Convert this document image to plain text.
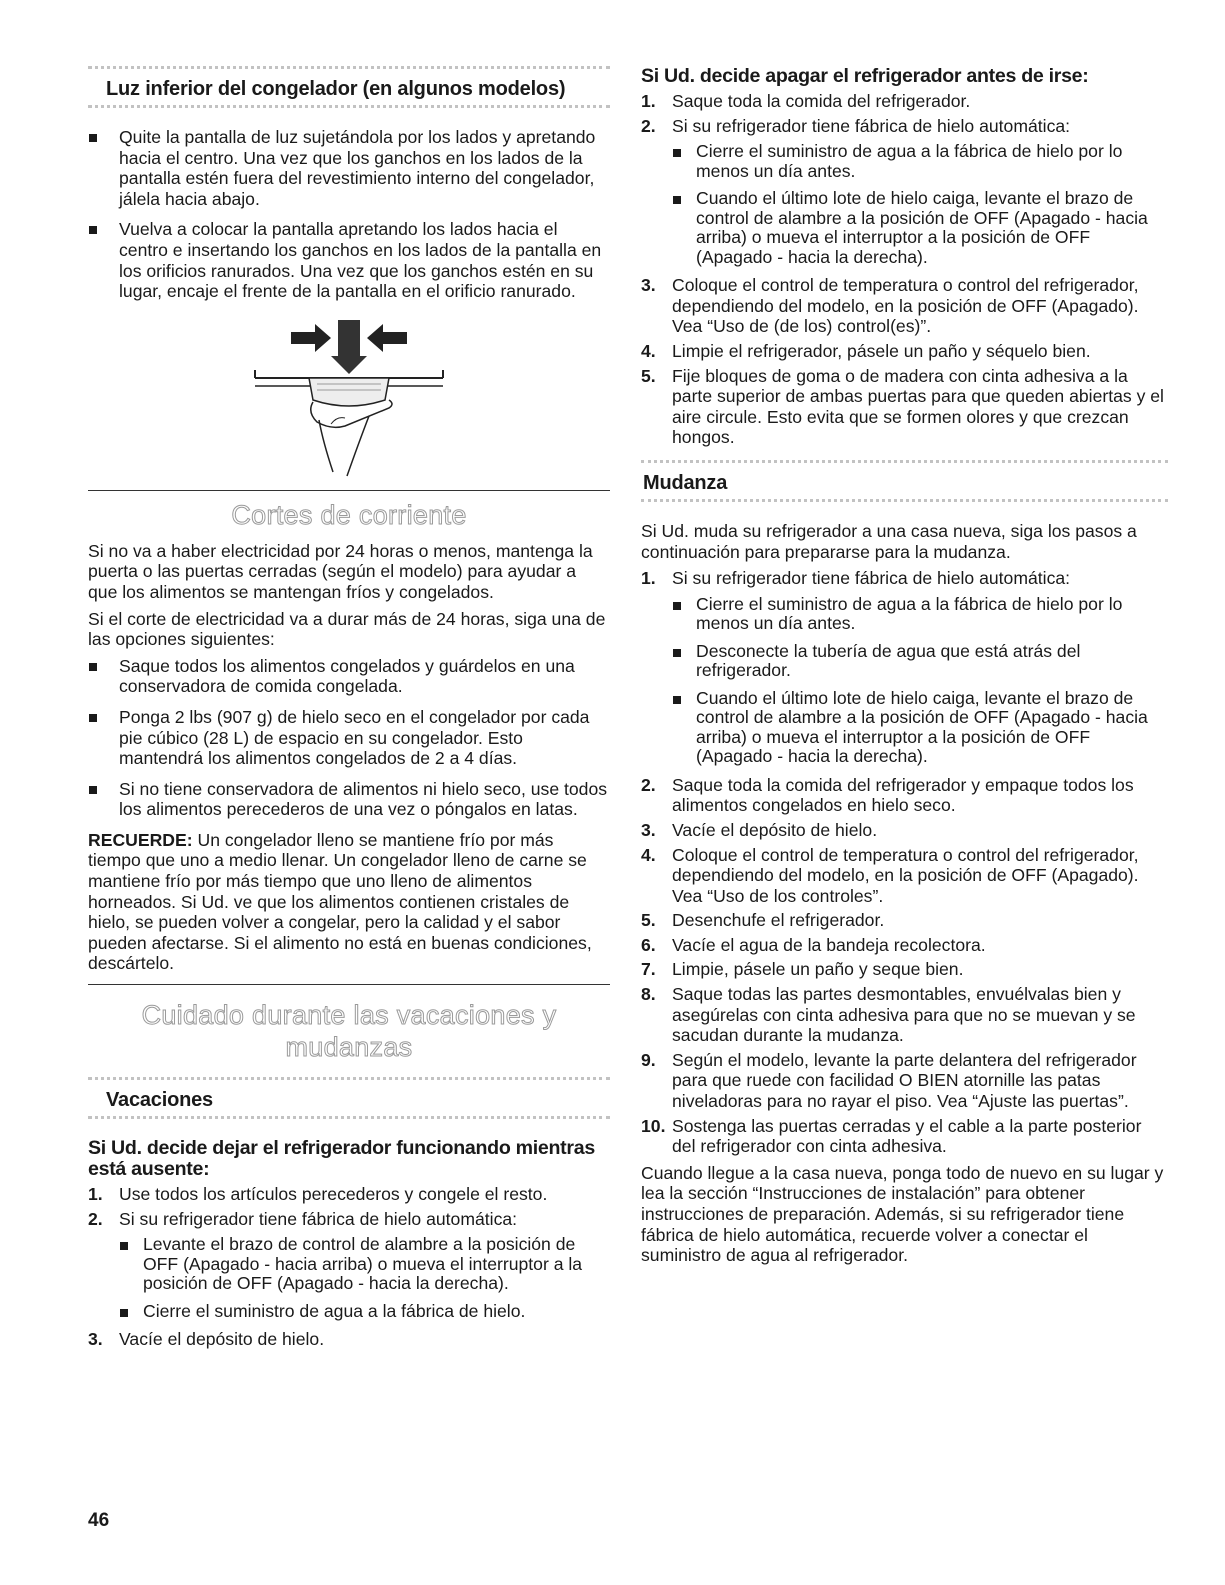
Luz inferior del congelador (en algunos modelos)
Quite la pantalla de luz sujetándola por los lados y apretando hacia el centro. Una vez que los ganchos en los lados de la pantalla estén fuera del revestimiento interno del congelador, jálela hacia abajo.
Vuelva a colocar la pantalla apretando los lados hacia el centro e insertando los ganchos en los lados de la pantalla en los orificios ranurados. Una vez que los ganchos estén en su lugar, encaje el frente de la pantalla en el orificio ranurado.
Cortes de corriente

Si no va a haber electricidad por 24 horas o menos, mantenga la puerta o las puertas cerradas (según el modelo) para ayudar a que los alimentos se mantengan fríos y congelados.

Si el corte de electricidad va a durar más de 24 horas, siga una de las opciones siguientes:

Saque todos los alimentos congelados y guárdelos en una conservadora de comida congelada.
Ponga 2 lbs (907 g) de hielo seco en el congelador por cada pie cúbico (28 L) de espacio en su congelador. Esto mantendrá los alimentos congelados de 2 a 4 días.
Si no tiene conservadora de alimentos ni hielo seco, use todos los alimentos perecederos de una vez o póngalos en latas.

RECUERDE: Un congelador lleno se mantiene frío por más tiempo que uno a medio llenar. Un congelador lleno de carne se mantiene frío por más tiempo que uno lleno de alimentos horneados. Si Ud. ve que los alimentos contienen cristales de hielo, se pueden volver a congelar, pero la calidad y el sabor pueden afectarse. Si el alimento no está en buenas condiciones, descártelo.

Cuidado durante las vacaciones y
mudanzas
Vacaciones
Si Ud. decide dejar el refrigerador funcionando mientras está ausente:
1. Use todos los artículos perecederos y congele el resto.
2. Si su refrigerador tiene fábrica de hielo automática:
Levante el brazo de control de alambre a la posición de OFF (Apagado - hacia arriba) o mueva el interruptor a la posición de OFF (Apagado - hacia la derecha).
Cierre el suministro de agua a la fábrica de hielo.
3. Vacíe el depósito de hielo.
Si Ud. decide apagar el refrigerador antes de irse:
1. Saque toda la comida del refrigerador.
2. Si su refrigerador tiene fábrica de hielo automática:
Cierre el suministro de agua a la fábrica de hielo por lo menos un día antes.
Cuando el último lote de hielo caiga, levante el brazo de control de alambre a la posición de OFF (Apagado - hacia arriba) o mueva el interruptor a la posición de OFF (Apagado - hacia la derecha).
3. Coloque el control de temperatura o control del refrigerador, dependiendo del modelo, en la posición de OFF (Apagado). Vea “Uso de (de los) control(es)”.
4. Limpie el refrigerador, pásele un paño y séquelo bien.
5. Fije bloques de goma o de madera con cinta adhesiva a la parte superior de ambas puertas para que queden abiertas y el aire circule. Esto evita que se formen olores y que crezcan hongos.
Mudanza

Si Ud. muda su refrigerador a una casa nueva, siga los pasos a continuación para prepararse para la mudanza.

1. Si su refrigerador tiene fábrica de hielo automática:
Cierre el suministro de agua a la fábrica de hielo por lo menos un día antes.
Desconecte la tubería de agua que está atrás del refrigerador.
Cuando el último lote de hielo caiga, levante el brazo de control de alambre a la posición de OFF (Apagado - hacia arriba) o mueva el interruptor a la posición de OFF (Apagado - hacia la derecha).
2. Saque toda la comida del refrigerador y empaque todos los alimentos congelados en hielo seco.
3. Vacíe el depósito de hielo.
4. Coloque el control de temperatura o control del refrigerador, dependiendo del modelo, en la posición de OFF (Apagado). Vea “Uso de los controles”.
5. Desenchufe el refrigerador.
6. Vacíe el agua de la bandeja recolectora.
7. Limpie, pásele un paño y seque bien.
8. Saque todas las partes desmontables, envuélvalas bien y asegúrelas con cinta adhesiva para que no se muevan y se sacudan durante la mudanza.
9. Según el modelo, levante la parte delantera del refrigerador para que ruede con facilidad O BIEN atornille las patas niveladoras para no rayar el piso. Vea “Ajuste las puertas”.
10. Sostenga las puertas cerradas y el cable a la parte posterior del refrigerador con cinta adhesiva.

Cuando llegue a la casa nueva, ponga todo de nuevo en su lugar y lea la sección “Instrucciones de instalación” para obtener instrucciones de preparación. Además, si su refrigerador tiene fábrica de hielo automática, recuerde volver a conectar el suministro de agua al refrigerador.

46
